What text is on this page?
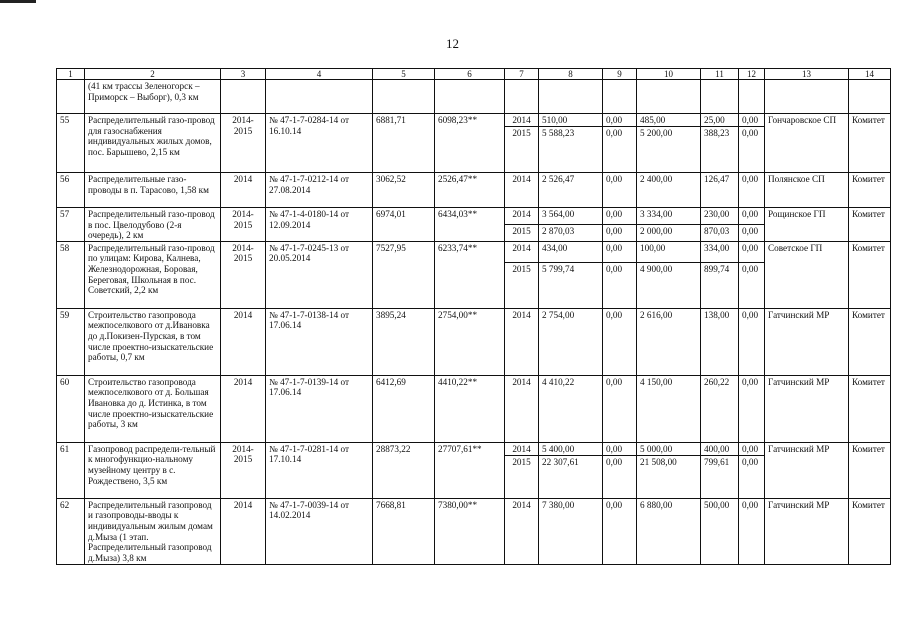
12
1	2	3	4	5	6	7	8	9	10	11	12	13	14
	(41 км трассы Зеленогорск – Приморск – Выборг), 0,3 км												
55	Распределительный газо-провод для газоснабжения индивидуальных жилых домов, пос. Барышево, 2,15 км	2014-2015	№ 47-1-7-0284-14 от 16.10.14	6881,71	6098,23**	2014	510,00	0,00	485,00	25,00	0,00	Гончаровское СП	Комитет
						2015	5 588,23	0,00	5 200,00	388,23	0,00		
56	Распределительные газо-проводы в п. Тарасово, 1,58 км	2014	№ 47-1-7-0212-14 от 27.08.2014	3062,52	2526,47**	2014	2 526,47	0,00	2 400,00	126,47	0,00	Полянское СП	Комитет
57	Распределительный газо-провод в пос. Цвелодубово (2-я очередь), 2 км	2014-2015	№ 47-1-4-0180-14 от 12.09.2014	6974,01	6434,03**	2014	3 564,00	0,00	3 334,00	230,00	0,00	Рощинское ГП	Комитет
						2015	2 870,03	0,00	2 000,00	870,03	0,00		
58	Распределительный газо-провод по улицам: Кирова, Калнева, Железнодорожная, Боровая, Береговая, Школьная в пос. Советский, 2,2 км	2014-2015	№ 47-1-7-0245-13 от 20.05.2014	7527,95	6233,74**	2014	434,00	0,00	100,00	334,00	0,00	Советское ГП	Комитет
						2015	5 799,74	0,00	4 900,00	899,74	0,00		
59	Строительство газопровода межпоселкового от д.Ивановка до д.Покизен-Пурская, в том числе проектно-изыскательские работы, 0,7 км	2014	№ 47-1-7-0138-14 от 17.06.14	3895,24	2754,00**	2014	2 754,00	0,00	2 616,00	138,00	0,00	Гатчинский МР	Комитет
60	Строительство газопровода межпоселкового от д. Большая Ивановка до д. Истинка, в том числе проектно-изыскательские работы, 3 км	2014	№ 47-1-7-0139-14 от 17.06.14	6412,69	4410,22**	2014	4 410,22	0,00	4 150,00	260,22	0,00	Гатчинский МР	Комитет
61	Газопровод распредели-тельный к многофункцио-нальному музейному центру в с. Рождествено, 3,5 км	2014-2015	№ 47-1-7-0281-14 от 17.10.14	28873,22	27707,61**	2014	5 400,00	0,00	5 000,00	400,00	0,00	Гатчинский МР	Комитет
						2015	22 307,61	0,00	21 508,00	799,61	0,00		
62	Распределительный газопровод и газопроводы-вводы к индивидуальным жилым домам д.Мыза (1 этап. Распределительный газопровод д.Мыза) 3,8 км	2014	№ 47-1-7-0039-14 от 14.02.2014	7668,81	7380,00**	2014	7 380,00	0,00	6 880,00	500,00	0,00	Гатчинский МР	Комитет
